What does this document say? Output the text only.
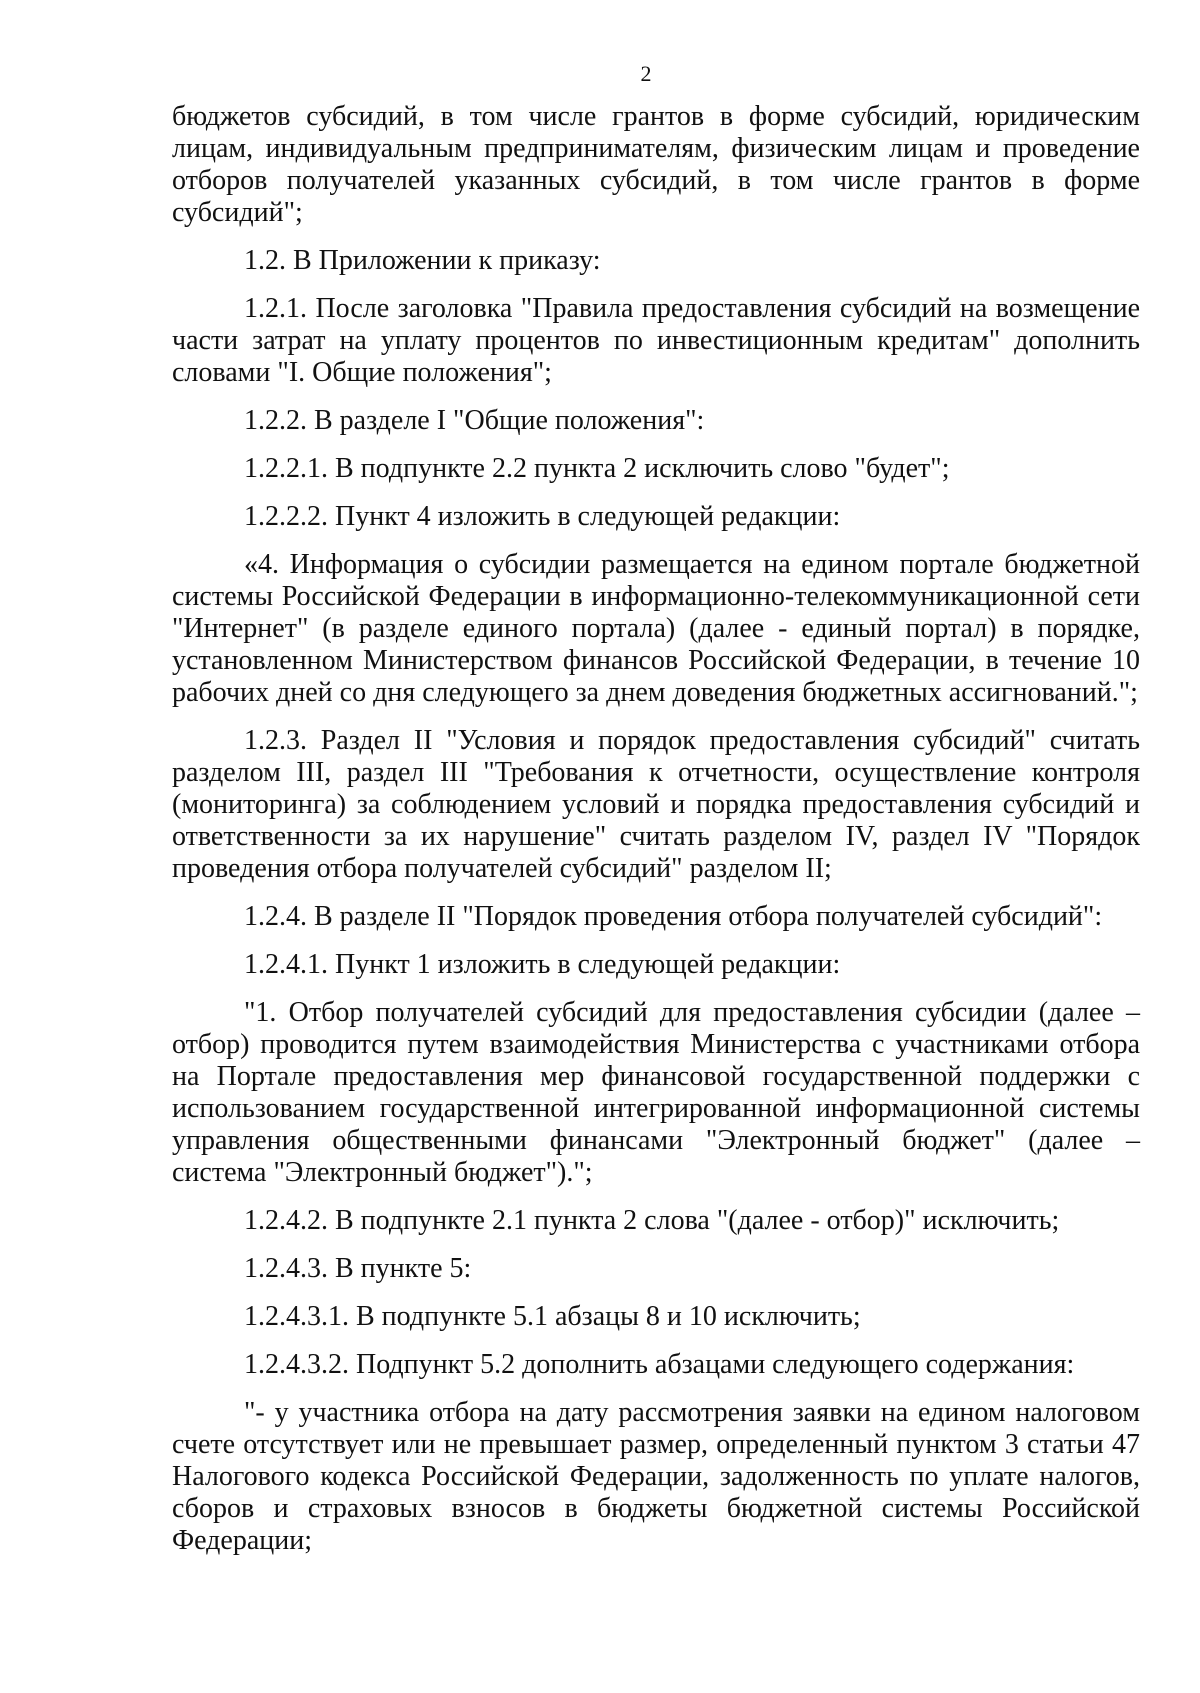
2

бюджетов субсидий, в том числе грантов в форме субсидий, юридическим лицам, индивидуальным предпринимателям, физическим лицам и проведение отборов получателей указанных субсидий, в том числе грантов в форме субсидий";

1.2. В Приложении к приказу:

1.2.1. После заголовка "Правила предоставления субсидий на возмещение части затрат на уплату процентов по инвестиционным кредитам" дополнить словами "I. Общие положения";

1.2.2. В разделе I "Общие положения":

1.2.2.1. В подпункте 2.2 пункта 2 исключить слово "будет";

1.2.2.2. Пункт 4 изложить в следующей редакции:

«4. Информация о субсидии размещается на едином портале бюджетной системы Российской Федерации в информационно-телекоммуникационной сети "Интернет" (в разделе единого портала) (далее - единый портал) в порядке, установленном Министерством финансов Российской Федерации, в течение 10 рабочих дней со дня следующего за днем доведения бюджетных ассигнований.";

1.2.3. Раздел II "Условия и порядок предоставления субсидий" считать разделом III, раздел III "Требования к отчетности, осуществление контроля (мониторинга) за соблюдением условий и порядка предоставления субсидий и ответственности за их нарушение" считать разделом IV, раздел IV "Порядок проведения отбора получателей субсидий" разделом II;

1.2.4. В разделе II "Порядок проведения отбора получателей субсидий":

1.2.4.1. Пункт 1 изложить в следующей редакции:

"1. Отбор получателей субсидий для предоставления субсидии (далее – отбор) проводится путем взаимодействия Министерства с участниками отбора на Портале предоставления мер финансовой государственной поддержки с использованием государственной интегрированной информационной системы управления общественными финансами "Электронный бюджет" (далее – система "Электронный бюджет").";

1.2.4.2. В подпункте 2.1 пункта 2 слова "(далее - отбор)" исключить;

1.2.4.3. В пункте 5:

1.2.4.3.1. В подпункте 5.1 абзацы 8 и 10 исключить;

1.2.4.3.2. Подпункт 5.2 дополнить абзацами следующего содержания:

"- у участника отбора на дату рассмотрения заявки на едином налоговом счете отсутствует или не превышает размер, определенный пунктом 3 статьи 47 Налогового кодекса Российской Федерации, задолженность по уплате налогов, сборов и страховых взносов в бюджеты бюджетной системы Российской Федерации;
